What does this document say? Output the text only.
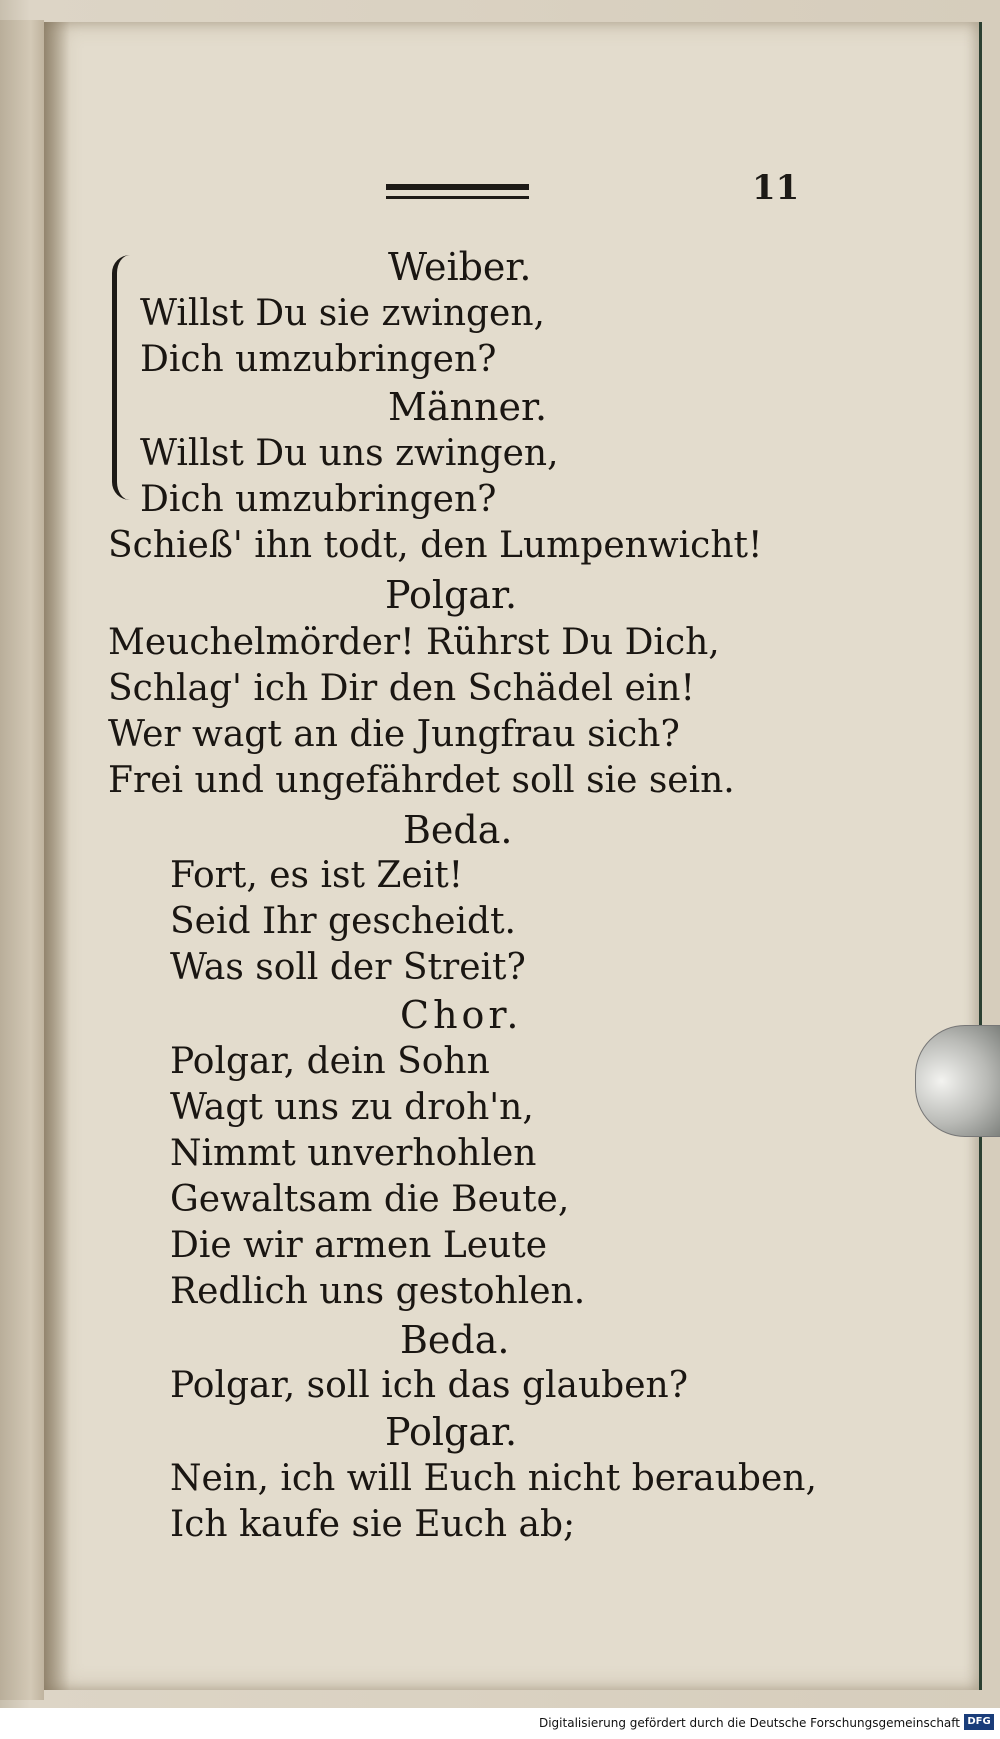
11
Weiber.
Willst Du sie zwingen,
Dich umzubringen?
Männer.
Willst Du uns zwingen,
Dich umzubringen?
Schieß' ihn todt, den Lumpenwicht!
Polgar.
Meuchelmörder! Rührst Du Dich,
Schlag' ich Dir den Schädel ein!
Wer wagt an die Jungfrau sich?
Frei und ungefährdet soll sie sein.
Beda.
Fort, es ist Zeit!
Seid Ihr gescheidt.
Was soll der Streit?
Chor.
Polgar, dein Sohn
Wagt uns zu droh'n,
Nimmt unverhohlen
Gewaltsam die Beute,
Die wir armen Leute
Redlich uns gestohlen.
Beda.
Polgar, soll ich das glauben?
Polgar.
Nein, ich will Euch nicht berauben,
Ich kaufe sie Euch ab;
Digitalisierung gefördert durch die Deutsche Forschungsgemeinschaft DFG
